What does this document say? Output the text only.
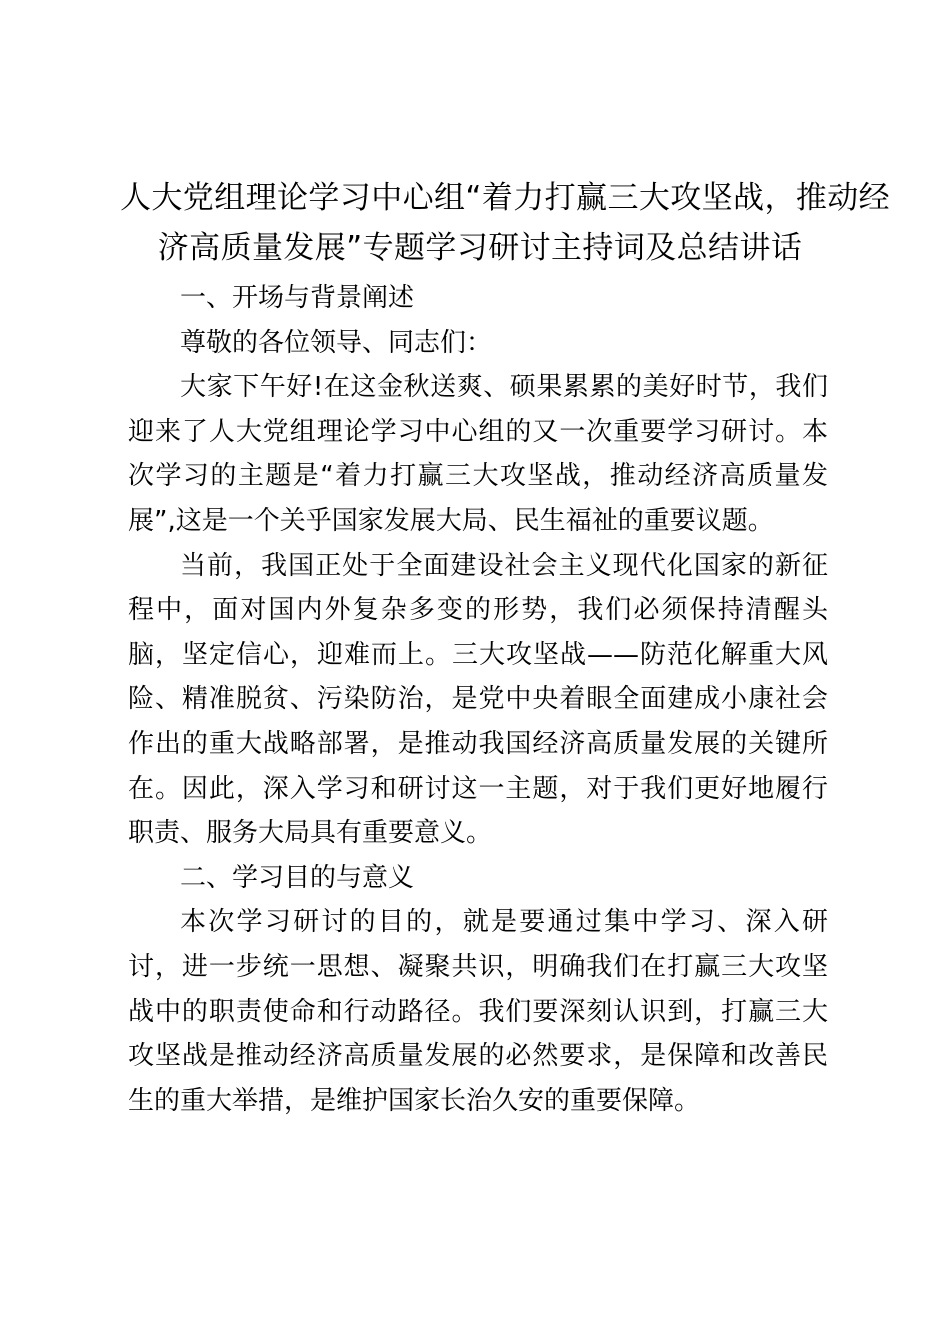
人大党组理论学习中心组“着力打赢三大攻坚战，推动经
济高质量发展”专题学习研讨主持词及总结讲话

一、开场与背景阐述

尊敬的各位领导、同志们：

大家下午好!在这金秋送爽、硕果累累的美好时节，我们迎来了人大党组理论学习中心组的又一次重要学习研讨。本次学习的主题是“着力打赢三大攻坚战，推动经济高质量发展”,这是一个关乎国家发展大局、民生福祉的重要议题。

当前，我国正处于全面建设社会主义现代化国家的新征程中，面对国内外复杂多变的形势，我们必须保持清醒头脑，坚定信心，迎难而上。三大攻坚战——防范化解重大风险、精准脱贫、污染防治，是党中央着眼全面建成小康社会作出的重大战略部署，是推动我国经济高质量发展的关键所在。因此，深入学习和研讨这一主题，对于我们更好地履行职责、服务大局具有重要意义。

二、学习目的与意义

本次学习研讨的目的，就是要通过集中学习、深入研讨，进一步统一思想、凝聚共识，明确我们在打赢三大攻坚战中的职责使命和行动路径。我们要深刻认识到，打赢三大攻坚战是推动经济高质量发展的必然要求，是保障和改善民生的重大举措，是维护国家长治久安的重要保障。
